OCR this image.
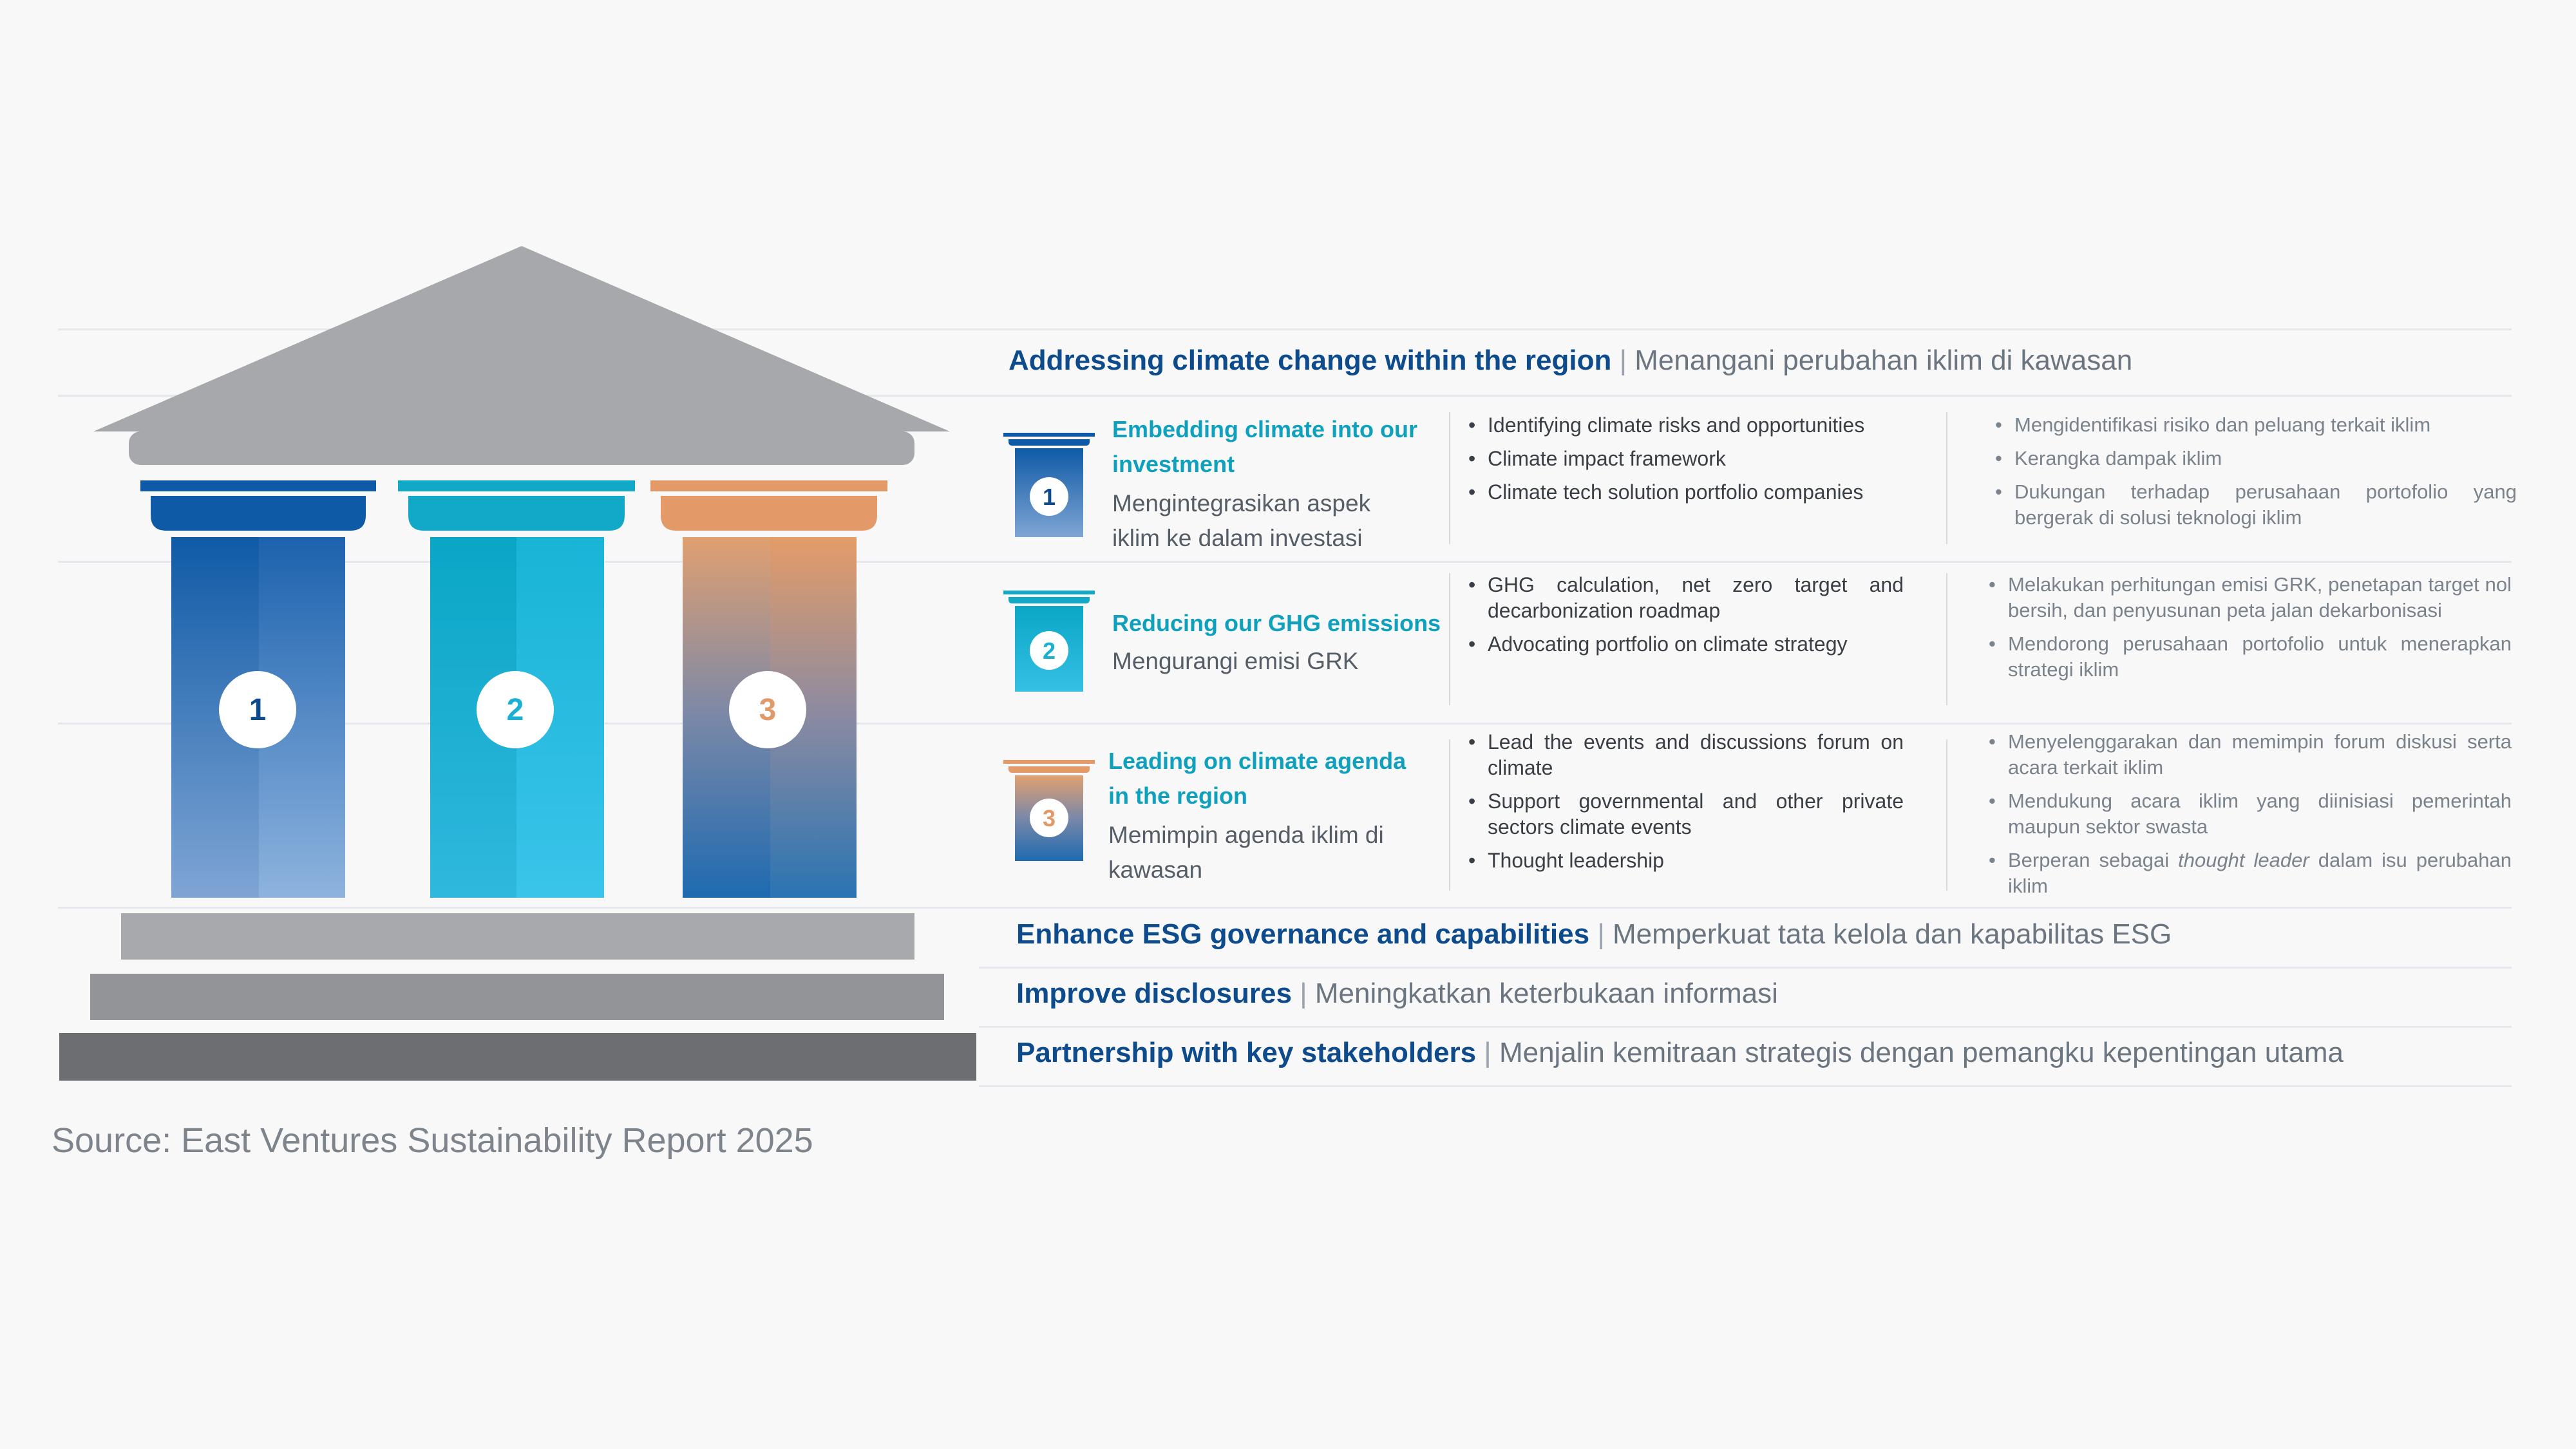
1	2	3
Addressing climate change within the region | Menangani perubahan iklim di kawasan
1
2
3
Embedding climate into our investment
Mengintegrasikan aspek iklim ke dalam investasi
• Identifying climate risks and opportunities
• Climate impact framework
• Climate tech solution portfolio companies
• Mengidentifikasi risiko dan peluang terkait iklim
• Kerangka dampak iklim
• Dukungan terhadap perusahaan portofolio yang bergerak di solusi teknologi iklim
Reducing our GHG emissions
Mengurangi emisi GRK
• GHG calculation, net zero target and decarbonization roadmap
• Advocating portfolio on climate strategy
• Melakukan perhitungan emisi GRK, penetapan target nol bersih, dan penyusunan peta jalan dekarbonisasi
• Mendorong perusahaan portofolio untuk menerapkan strategi iklim
Leading on climate agenda in the region
Memimpin agenda iklim di kawasan
• Lead the events and discussions forum on climate
• Support governmental and other private sectors climate events
• Thought leadership
• Menyelenggarakan dan memimpin forum diskusi serta acara terkait iklim
• Mendukung acara iklim yang diinisiasi pemerintah maupun sektor swasta
• Berperan sebagai thought leader dalam isu perubahan iklim
Enhance ESG governance and capabilities | Memperkuat tata kelola dan kapabilitas ESG
Improve disclosures | Meningkatkan keterbukaan informasi
Partnership with key stakeholders | Menjalin kemitraan strategis dengan pemangku kepentingan utama
Source: East Ventures Sustainability Report 2025
